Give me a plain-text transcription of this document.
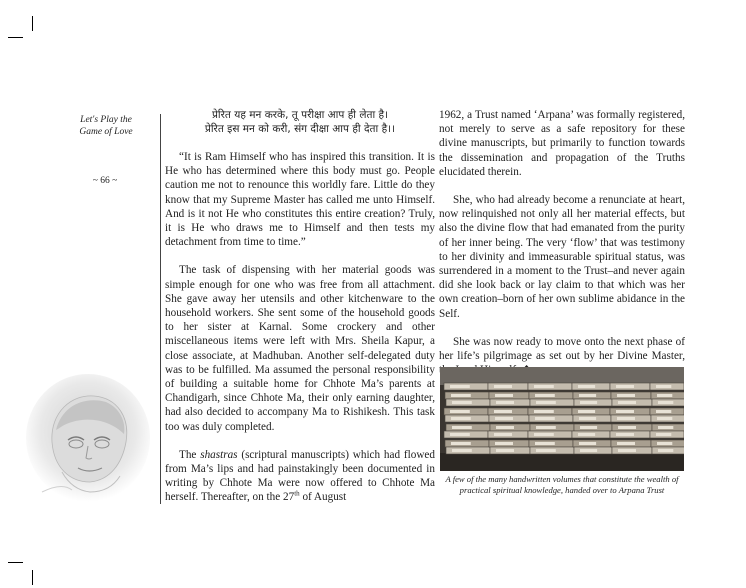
Let's Play the
Game of Love
~ 66 ~
प्रेरित यह मन करके, तू परीक्षा आप ही लेता है।
प्रेरित इस मन को करी, संग दीक्षा आप ही देता है।।

“It is Ram Himself who has inspired this transition. It is He who has determined where this body must go. People caution me not to renounce this worldly fare. Little do they know that my Supreme Master has called me unto Himself. And is it not He who constitutes this entire creation? Truly, it is He who draws me to Himself and then tests my detachment from time to time.”

The task of dispensing with her material goods was simple enough for one who was free from all attachment. She gave away her utensils and other kitchenware to the household workers. She sent some of the household goods to her sister at Karnal. Some crockery and other miscellaneous items were left with Mrs. Sheila Kapur, a close associate, at Madhuban. Another self-delegated duty was to be fulfilled. Ma assumed the personal responsibility of building a suitable home for Chhote Ma’s parents at Chandigarh, since Chhote Ma, their only earning daughter, had also decided to accompany Ma to Rishikesh. This task too was duly completed.

The shastras (scriptural manuscripts) which had flowed from Ma’s lips and had painstakingly been documented in writing by Chhote Ma were now offered to Chhote Ma herself. Thereafter, on the 27th of August

1962, a Trust named ‘Arpana’ was formally registered, not merely to serve as a safe repository for these divine manuscripts, but primarily to function towards the dissemination and propagation of the Truths elucidated therein.

She, who had already become a renunciate at heart, now relinquished not only all her material effects, but also the divine flow that had emanated from the purity of her inner being. The very ‘flow’ that was testimony to her divinity and immeasurable spiritual status, was surrendered in a moment to the Trust–and never again did she look back or lay claim to that which was her own creation–born of her own sublime abidance in the Self.

She was now ready to move onto the next phase of her life’s pilgrimage as set out by her Divine Master,

A few of the many handwritten volumes that constitute the wealth of
practical spiritual knowledge, handed over to Arpana Trust
